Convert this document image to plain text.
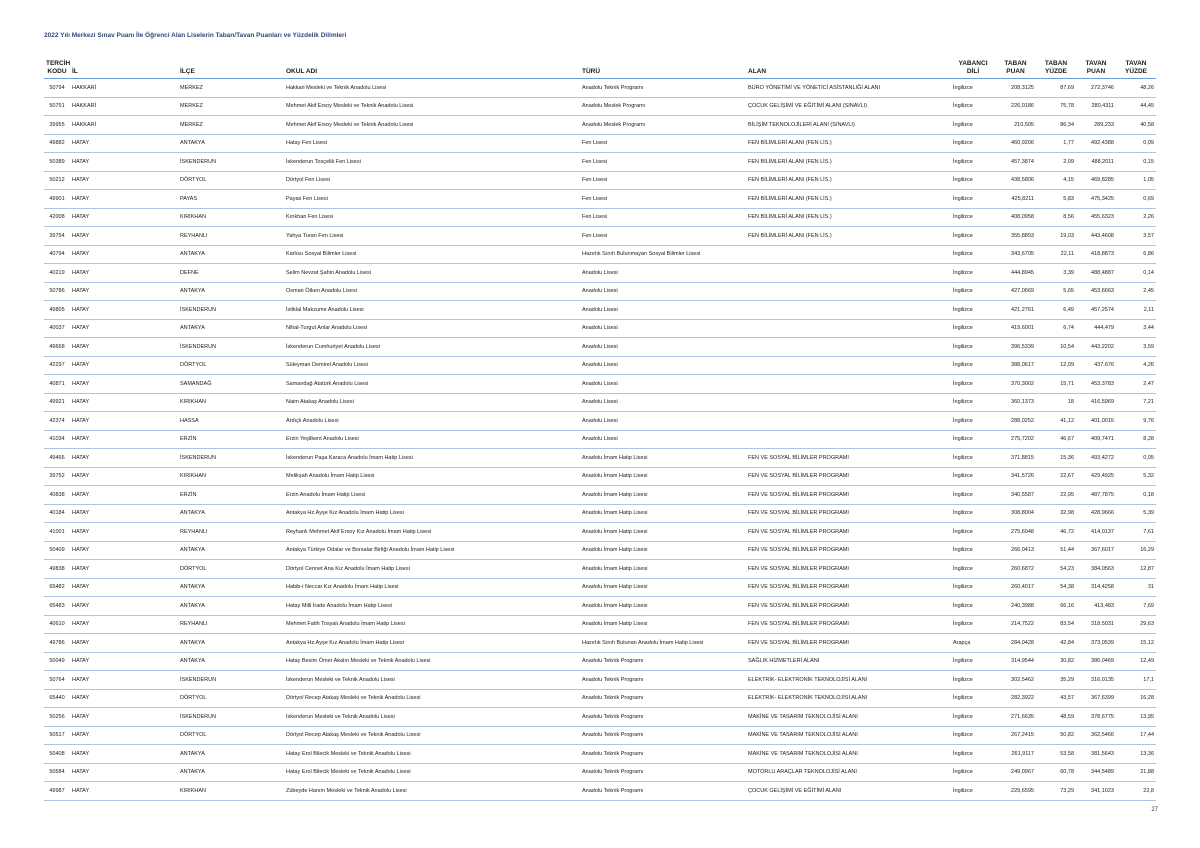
2022 Yılı Merkezi Sınav Puanı İle Öğrenci Alan Liselerin Taban/Tavan Puanları ve Yüzdelik Dilimleri
TERCİH KODU	İL	İLÇE	OKUL ADI	TÜRÜ	ALAN	YABANCI DİLİ	TABAN PUAN	TABAN YÜZDE	TAVAN PUAN	TAVAN YÜZDE
50794	HAKKARİ	MERKEZ	Hakkari Mesleki ve Teknik Anadolu Lisesi	Anadolu Teknik Programı	BÜRO YÖNETİMİ VE YÖNETİCİ ASİSTANLIĞI ALANI	İngilizce	208,3125	87,69	272,3746	48,26
50751	HAKKARİ	MERKEZ	Mehmet Akif Ersoy Mesleki ve Teknik Anadolu Lisesi	Anadolu Meslek Programı	ÇOCUK GELİŞİMİ VE EĞİTİMİ ALANI (SINAVLI)	İngilizce	226,0186	75,78	280,4311	44,45
39955	HAKKARİ	MERKEZ	Mehmet Akif Ersoy Mesleki ve Teknik Anadolu Lisesi	Anadolu Meslek Programı	BİLİŞİM TEKNOLOJİLERİ ALANI (SINAVLI)	İngilizce	210,505	86,34	289,233	40,58
49882	HATAY	ANTAKYA	Hatay Fen Lisesi	Fen Lisesi	FEN BİLİMLERİ ALANI (FEN LİS.)	İngilizce	460,9206	1,77	492,4388	0,09
50389	HATAY	İSKENDERUN	İskenderun Tosçelik Fen Lisesi	Fen Lisesi	FEN BİLİMLERİ ALANI (FEN LİS.)	İngilizce	457,3874	2,09	488,2011	0,15
50212	HATAY	DÖRTYOL	Dörtyol Fen Lisesi	Fen Lisesi	FEN BİLİMLERİ ALANI (FEN LİS.)	İngilizce	438,5806	4,15	469,8285	1,05
49901	HATAY	PAYAS	Payas Fen Lisesi	Fen Lisesi	FEN BİLİMLERİ ALANI (FEN LİS.)	İngilizce	425,8211	5,83	475,3425	0,69
42008	HATAY	KIRIKHAN	Kırıkhan Fen Lisesi	Fen Lisesi	FEN BİLİMLERİ ALANI (FEN LİS.)	İngilizce	408,0958	8,56	455,6323	2,26
39754	HATAY	REYHANLI	Yahya Turan Fen Lisesi	Fen Lisesi	FEN BİLİMLERİ ALANI (FEN LİS.)	İngilizce	355,8893	19,03	443,4608	3,57
40794	HATAY	ANTAKYA	Karlısu Sosyal Bilimler Lisesi	Hazırlık Sınıfı Bulunmayan Sosyal Bilimler Lisesi		İngilizce	343,6705	22,11	418,8873	6,86
40219	HATAY	DEFNE	Selim Nevzat Şahin Anadolu Lisesi	Anadolu Lisesi		İngilizce	444,8945	3,39	488,4887	0,14
50786	HATAY	ANTAKYA	Osman Ötken Anadolu Lisesi	Anadolu Lisesi		İngilizce	427,0669	5,65	453,6663	2,45
49805	HATAY	İSKENDERUN	İstiklal Makzume Anadolu Lisesi	Anadolu Lisesi		İngilizce	421,2761	6,49	457,2574	2,11
40037	HATAY	ANTAKYA	Nihal-Turgut Anlar Anadolu Lisesi	Anadolu Lisesi		İngilizce	419,6001	6,74	444,479	3,44
49668	HATAY	İSKENDERUN	İskenderun Cumhuriyet Anadolu Lisesi	Anadolu Lisesi		İngilizce	396,5339	10,54	443,2202	3,59
42297	HATAY	DÖRTYOL	Süleyman Demirel Anadolu Lisesi	Anadolu Lisesi		İngilizce	388,0617	12,09	437,676	4,26
40871	HATAY	SAMANDAĞ	Samandağ Atatürk Anadolu Lisesi	Anadolu Lisesi		İngilizce	370,3002	15,71	453,3783	2,47
49921	HATAY	KIRIKHAN	Naim Atakaş Anadolu Lisesi	Anadolu Lisesi		İngilizce	360,1373	18	416,5969	7,21
42374	HATAY	HASSA	Ardıçlı Anadolu Lisesi	Anadolu Lisesi		İngilizce	288,0252	41,12	401,0015	9,76
41034	HATAY	ERZİN	Erzin Yeşilkent Anadolu Lisesi	Anadolu Lisesi		İngilizce	275,7202	46,67	409,7471	8,28
49466	HATAY	İSKENDERUN	İskenderun Paşa Karaca Anadolu İmam Hatip Lisesi	Anadolu İmam Hatip Lisesi	FEN VE SOSYAL BİLİMLER PROGRAMI	İngilizce	371,8815	15,36	493,4272	0,05
39752	HATAY	KIRIKHAN	Melikşah Anadolu İmam Hatip Lisesi	Anadolu İmam Hatip Lisesi	FEN VE SOSYAL BİLİMLER PROGRAMI	İngilizce	341,5726	22,67	429,4925	5,32
40838	HATAY	ERZİN	Erzin Anadolu İmam Hatip Lisesi	Anadolu İmam Hatip Lisesi	FEN VE SOSYAL BİLİMLER PROGRAMI	İngilizce	340,5587	22,95	487,7875	0,18
40184	HATAY	ANTAKYA	Antakya Hz.Ayşe Kız Anadolu İmam Hatip Lisesi	Anadolu İmam Hatip Lisesi	FEN VE SOSYAL BİLİMLER PROGRAMI	İngilizce	308,8004	32,98	428,9666	5,39
41001	HATAY	REYHANLI	Reyhanlı Mehmet Akif Ersoy Kız Anadolu İmam Hatip Lisesi	Anadolu İmam Hatip Lisesi	FEN VE SOSYAL BİLİMLER PROGRAMI	İngilizce	275,6048	46,72	414,0137	7,61
50409	HATAY	ANTAKYA	Antakya Türkiye Odalar ve Borsalar Birliği Anadolu İmam Hatip Lisesi	Anadolu İmam Hatip Lisesi	FEN VE SOSYAL BİLİMLER PROGRAMI	İngilizce	266,0413	51,44	367,6017	16,29
49838	HATAY	DÖRTYOL	Dörtyol Cennet Ana Kız Anadolu İmam Hatip Lisesi	Anadolu İmam Hatip Lisesi	FEN VE SOSYAL BİLİMLER PROGRAMI	İngilizce	260,6872	54,23	384,0563	12,87
65482	HATAY	ANTAKYA	Habib-i Neccar Kız Anadolu İmam Hatip Lisesi	Anadolu İmam Hatip Lisesi	FEN VE SOSYAL BİLİMLER PROGRAMI	İngilizce	260,4017	54,38	314,4258	31
65483	HATAY	ANTAKYA	Hatay Milli İrade Anadolu İmam Hatip Lisesi	Anadolu İmam Hatip Lisesi	FEN VE SOSYAL BİLİMLER PROGRAMI	İngilizce	240,3988	66,16	413,483	7,69
40610	HATAY	REYHANLI	Mehmet Fatih Tosyalı Anadolu İmam Hatip Lisesi	Anadolu İmam Hatip Lisesi	FEN VE SOSYAL BİLİMLER PROGRAMI	İngilizce	214,7522	83,54	318,5031	29,63
49786	HATAY	ANTAKYA	Antakya Hz.Ayşe Kız Anadolu İmam Hatip Lisesi	Hazırlık Sınıfı Bulunan Anadolu İmam Hatip Lisesi	FEN VE SOSYAL BİLİMLER PROGRAMI	Arapça	284,0428	42,84	373,0539	15,12
50049	HATAY	ANTAKYA	Hatay Besim Ömer Akalın Mesleki ve Teknik Anadolu Lisesi	Anadolu Teknik Programı	SAĞLIK HİZMETLERİ ALANI	İngilizce	314,9544	30,82	386,0469	12,49
50764	HATAY	İSKENDERUN	İskenderun Mesleki ve Teknik Anadolu Lisesi	Anadolu Teknik Programı	ELEKTRİK- ELEKTRONİK TEKNOLOJİSİ ALANI	İngilizce	302,5462	35,29	316,0135	17,1
65440	HATAY	DÖRTYOL	Dörtyol Recep Atakaş Mesleki ve Teknik Anadolu Lisesi	Anadolu Teknik Programı	ELEKTRİK- ELEKTRONİK TEKNOLOJİSİ ALANI	İngilizce	282,3922	43,57	367,6399	16,28
50256	HATAY	İSKENDERUN	İskenderun Mesleki ve Teknik Anadolu Lisesi	Anadolu Teknik Programı	MAKİNE VE TASARIM TEKNOLOJİSİ ALANI	İngilizce	271,6635	48,59	378,6775	13,95
50517	HATAY	DÖRTYOL	Dörtyol Recep Atakaş Mesleki ve Teknik Anadolu Lisesi	Anadolu Teknik Programı	MAKİNE VE TASARIM TEKNOLOJİSİ ALANI	İngilizce	267,2415	50,82	362,5466	17,44
50408	HATAY	ANTAKYA	Hatay Erol Bilecik Mesleki ve Teknik Anadolu Lisesi	Anadolu Teknik Programı	MAKİNE VE TASARIM TEKNOLOJİSİ ALANI	İngilizce	261,9117	53,58	381,5643	13,36
50584	HATAY	ANTAKYA	Hatay Erol Bilecik Mesleki ve Teknik Anadolu Lisesi	Anadolu Teknik Programı	MOTORLU ARAÇLAR TEKNOLOJİSİ ALANI	İngilizce	249,0967	60,78	344,5489	21,88
49987	HATAY	KIRIKHAN	Zübeyde Hanım Mesleki ve Teknik Anadolu Lisesi	Anadolu Teknik Programı	ÇOCUK GELİŞİMİ VE EĞİTİMİ ALANI	İngilizce	229,6595	73,29	341,1023	22,8
27
